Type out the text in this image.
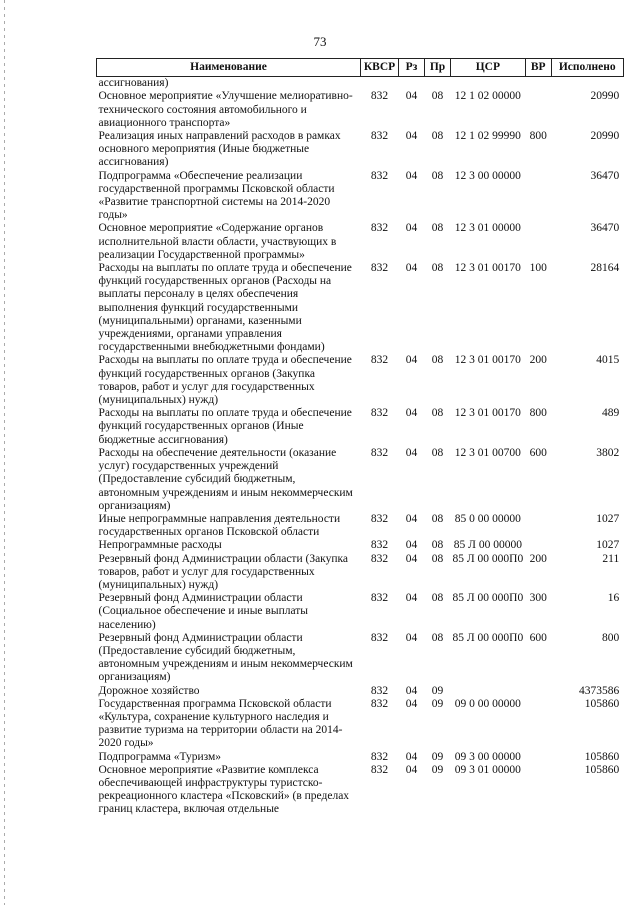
73
Наименование	КВСР	Рз	Пр	ЦСР	ВР	Исполнено
ассигнования)						
Основное мероприятие «Улучшение мелиоративно-технического состояния автомобильного и авиационного транспорта»	832	04	08	12 1 02 00000		20990
Реализация иных направлений расходов в рамках основного мероприятия (Иные бюджетные ассигнования)	832	04	08	12 1 02 99990	800	20990
Подпрограмма «Обеспечение реализации государственной программы Псковской области «Развитие транспортной системы на 2014-2020 годы»	832	04	08	12 3 00 00000		36470
Основное мероприятие «Содержание органов исполнительной власти области, участвующих в реализации Государственной программы»	832	04	08	12 3 01 00000		36470
Расходы на выплаты по оплате труда и обеспечение функций государственных органов (Расходы на выплаты персоналу в целях обеспечения выполнения функций государственными (муниципальными) органами, казенными учреждениями, органами управления государственными внебюджетными фондами)	832	04	08	12 3 01 00170	100	28164
Расходы на выплаты по оплате труда и обеспечение функций государственных органов (Закупка товаров, работ и услуг для государственных (муниципальных) нужд)	832	04	08	12 3 01 00170	200	4015
Расходы на выплаты по оплате труда и обеспечение функций государственных органов (Иные бюджетные ассигнования)	832	04	08	12 3 01 00170	800	489
Расходы на обеспечение деятельности (оказание услуг) государственных учреждений (Предоставление субсидий бюджетным, автономным учреждениям и иным некоммерческим организациям)	832	04	08	12 3 01 00700	600	3802
Иные непрограммные направления деятельности государственных органов Псковской области	832	04	08	85 0 00 00000		1027
Непрограммные расходы	832	04	08	85 Л 00 00000		1027
Резервный фонд Администрации области (Закупка товаров, работ и услуг для государственных (муниципальных) нужд)	832	04	08	85 Л 00 000П0	200	211
Резервный фонд Администрации области (Социальное обеспечение и иные выплаты населению)	832	04	08	85 Л 00 000П0	300	16
Резервный фонд Администрации области (Предоставление субсидий бюджетным, автономным учреждениям и иным некоммерческим организациям)	832	04	08	85 Л 00 000П0	600	800
Дорожное хозяйство	832	04	09			4373586
Государственная программа Псковской области «Культура, сохранение культурного наследия и развитие туризма на территории области на 2014-2020 годы»	832	04	09	09 0 00 00000		105860
Подпрограмма «Туризм»	832	04	09	09 3 00 00000		105860
Основное мероприятие «Развитие комплекса обеспечивающей инфраструктуры туристско-рекреационного кластера «Псковский» (в пределах границ кластера, включая отдельные	832	04	09	09 3 01 00000		105860
